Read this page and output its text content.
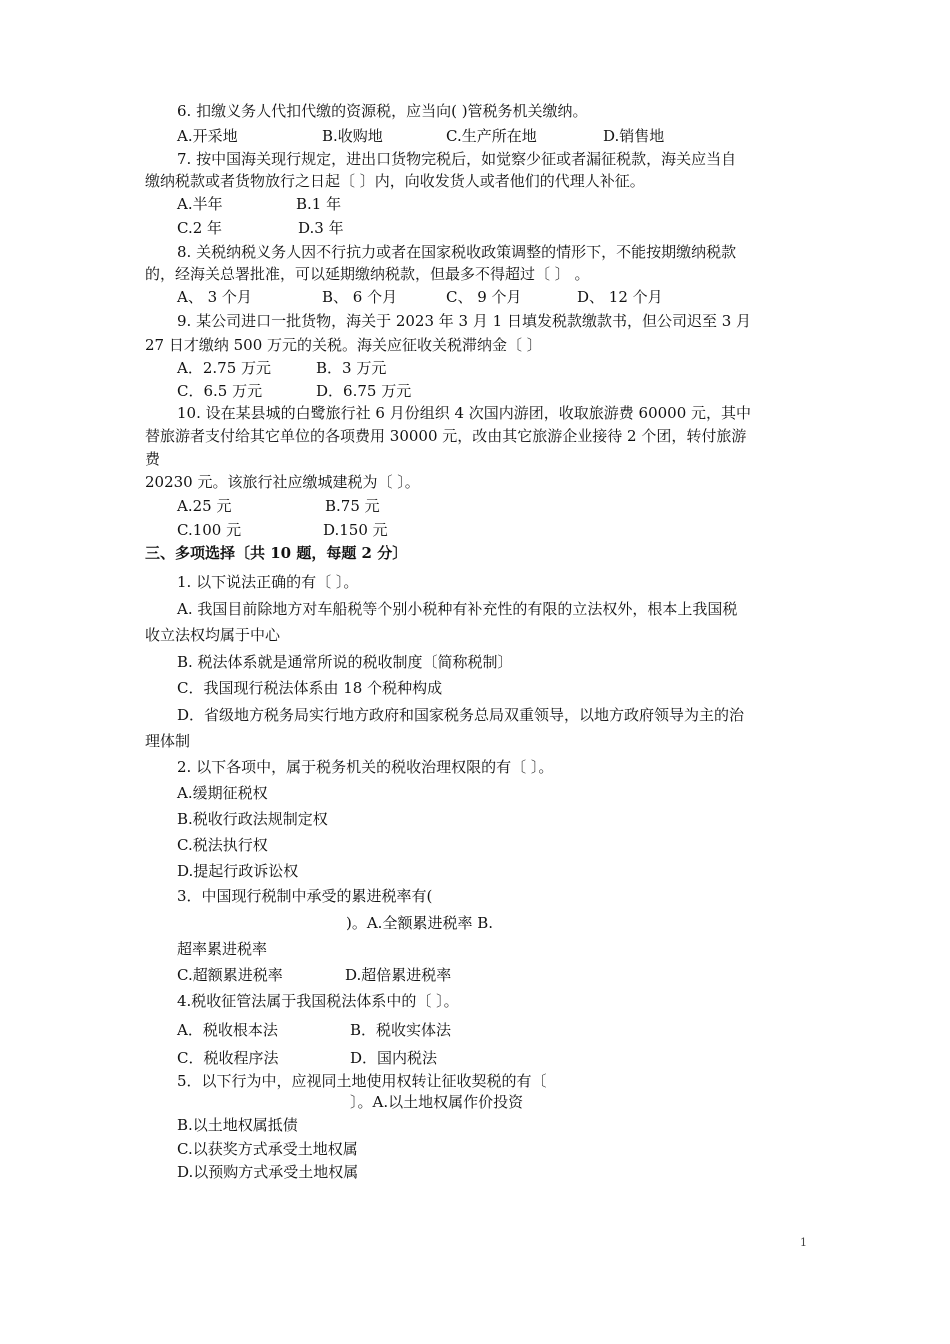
6. 扣缴义务人代扣代缴的资源税，应当向( )管税务机关缴纳。
A.开采地	B.收购地	C.生产所在地	D.销售地
7. 按中国海关现行规定，进出口货物完税后，如觉察少征或者漏征税款，海关应当自
缴纳税款或者货物放行之日起〔 〕内，向收发货人或者他们的代理人补征。
A.半年	B.1 年
C.2 年	D.3 年
8. 关税纳税义务人因不行抗力或者在国家税收政策调整的情形下，不能按期缴纳税款
的，经海关总署批准，可以延期缴纳税款，但最多不得超过〔 〕 。
A、 3 个月	B、 6 个月	C、 9 个月	D、 12 个月
9. 某公司进口一批货物，海关于 2023 年 3 月 1 日填发税款缴款书，但公司迟至 3 月
27 日才缴纳 500 万元的关税。海关应征收关税滞纳金〔 〕
A．2.75 万元	B．3 万元
C．6.5 万元	D．6.75 万元
10. 设在某县城的白鹭旅行社 6 月份组织 4 次国内游团，收取旅游费 60000 元，其中
替旅游者支付给其它单位的各项费用 30000 元，改由其它旅游企业接待 2 个团，转付旅游
费
20230 元。该旅行社应缴城建税为〔 〕。
A.25 元	B.75 元
C.100 元	D.150 元
三、多项选择〔共 10 题，每题 2 分〕
1. 以下说法正确的有〔 〕。
A. 我国目前除地方对车船税等个别小税种有补充性的有限的立法权外，根本上我国税
收立法权均属于中心
B. 税法体系就是通常所说的税收制度〔简称税制〕
C．我国现行税法体系由 18 个税种构成
D．省级地方税务局实行地方政府和国家税务总局双重领导，以地方政府领导为主的治
理体制
2. 以下各项中，属于税务机关的税收治理权限的有〔 〕。
A.缓期征税权
B.税收行政法规制定权
C.税法执行权
D.提起行政诉讼权
3．中国现行税制中承受的累进税率有(
)。A.全额累进税率 B.
超率累进税率
C.超额累进税率	D.超倍累进税率
4.税收征管法属于我国税法体系中的〔 〕。
A．税收根本法	B．税收实体法
C．税收程序法	D．国内税法
5．以下行为中，应视同土地使用权转让征收契税的有〔
〕。A.以土地权属作价投资
B.以土地权属抵债
C.以获奖方式承受土地权属
D.以预购方式承受土地权属
1
